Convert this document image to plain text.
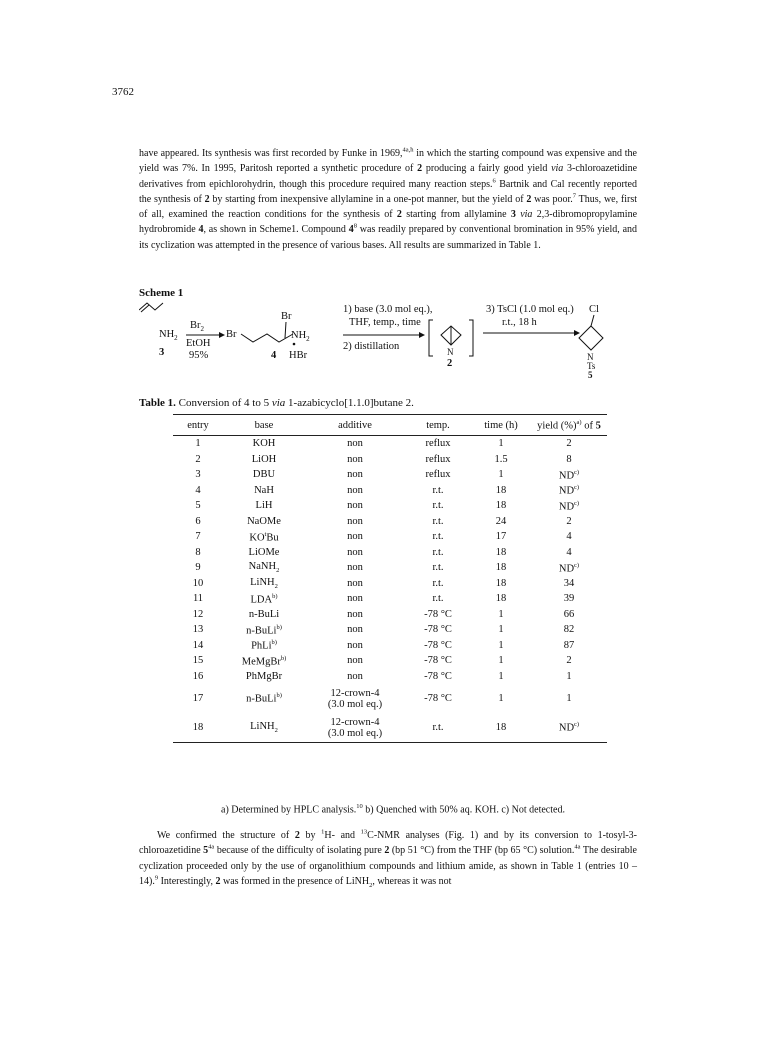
3762

have appeared. Its synthesis was first recorded by Funke in 1969,$^{4a,h}$ in which the starting compound was expensive and the yield was 7%. In 1995, Paritosh reported a synthetic procedure of 2 producing a fairly good yield via 3-chloroazetidine derivatives from epichlorohydrin, though this procedure required many reaction steps.$^6$ Bartnik and Cal recently reported the synthesis of 2 by starting from inexpensive allylamine in a one-pot manner, but the yield of 2 was poor.$^7$ Thus, we, first of all, examined the reaction conditions for the synthesis of 2 starting from allylamine 3 via 2,3-dibromopropylamine hydrobromide 4, as shown in Scheme1. Compound $4^8$ was readily prepared by conventional bromination in 95% yield, and its cyclization was attempted in the presence of various bases. All results are summarized in Table 1.

Scheme 1
$NH_2$
3
$Br_2$
EtOH
95%
Br
Br
$NH_2$
HBr
4
1) base (3.0 mol eq.),
THF, temp., time
2) distillation	N
2
3) TsCl (1.0 mol eq.)
r.t., 18 h
Cl
N
Ts
5
Table 1. Conversion of 4 to 5 via 1-azabicyclo[1.1.0]butane 2.
entry	base	additive	temp.	time (h)	yield (%)$^{a)}$ of 5
1	KOH	non	reflux	1	2
2	LiOH	non	reflux	1.5	8
3	DBU	non	reflux	1	ND$^{c)}$
4	NaH	non	r.t.	18	ND$^{c)}$
5	LiH	non	r.t.	18	ND$^{c)}$
6	NaOMe	non	r.t.	24	2
7	$KO^tBu$	non	r.t.	17	4
8	LiOMe	non	r.t.	18	4
9	NaNH$_2$	non	r.t.	18	ND$^{c)}$
10	LiNH$_2$	non	r.t.	18	34
11	LDA$^{b)}$	non	r.t.	18	39
12	n-BuLi	non	-78 °C	1	66
13	n-BuLi$^{b)}$	non	-78 °C	1	82
14	PhLi$^{b)}$	non	-78 °C	1	87
15	MeMgBr$^{b)}$	non	-78 °C	1	2
16	PhMgBr	non	-78 °C	1	1
17	n-BuLi$^{b)}$	12-crown-4
(3.0 mol eq.)	-78 °C	1	1
18	LiNH$_2$	12-crown-4
(3.0 mol eq.)	r.t.	18	ND$^{c)}$
a) Determined by HPLC analysis.$^{10}$ b) Quenched with 50% aq. KOH. c) Not detected.

We confirmed the structure of 2 by $^1$H- and $^{13}$C-NMR analyses (Fig. 1) and by its conversion to 1-tosyl-3-chloroazetidine $5^{4a}$ because of the difficulty of isolating pure 2 (bp 51 °C) from the THF (bp 65 °C) solution.$^{4a}$ The desirable cyclization proceeded only by the use of organolithium compounds and lithium amide, as shown in Table 1 (entries 10 – 14).$^9$ Interestingly, 2 was formed in the presence of LiNH$_2$, whereas it was not
